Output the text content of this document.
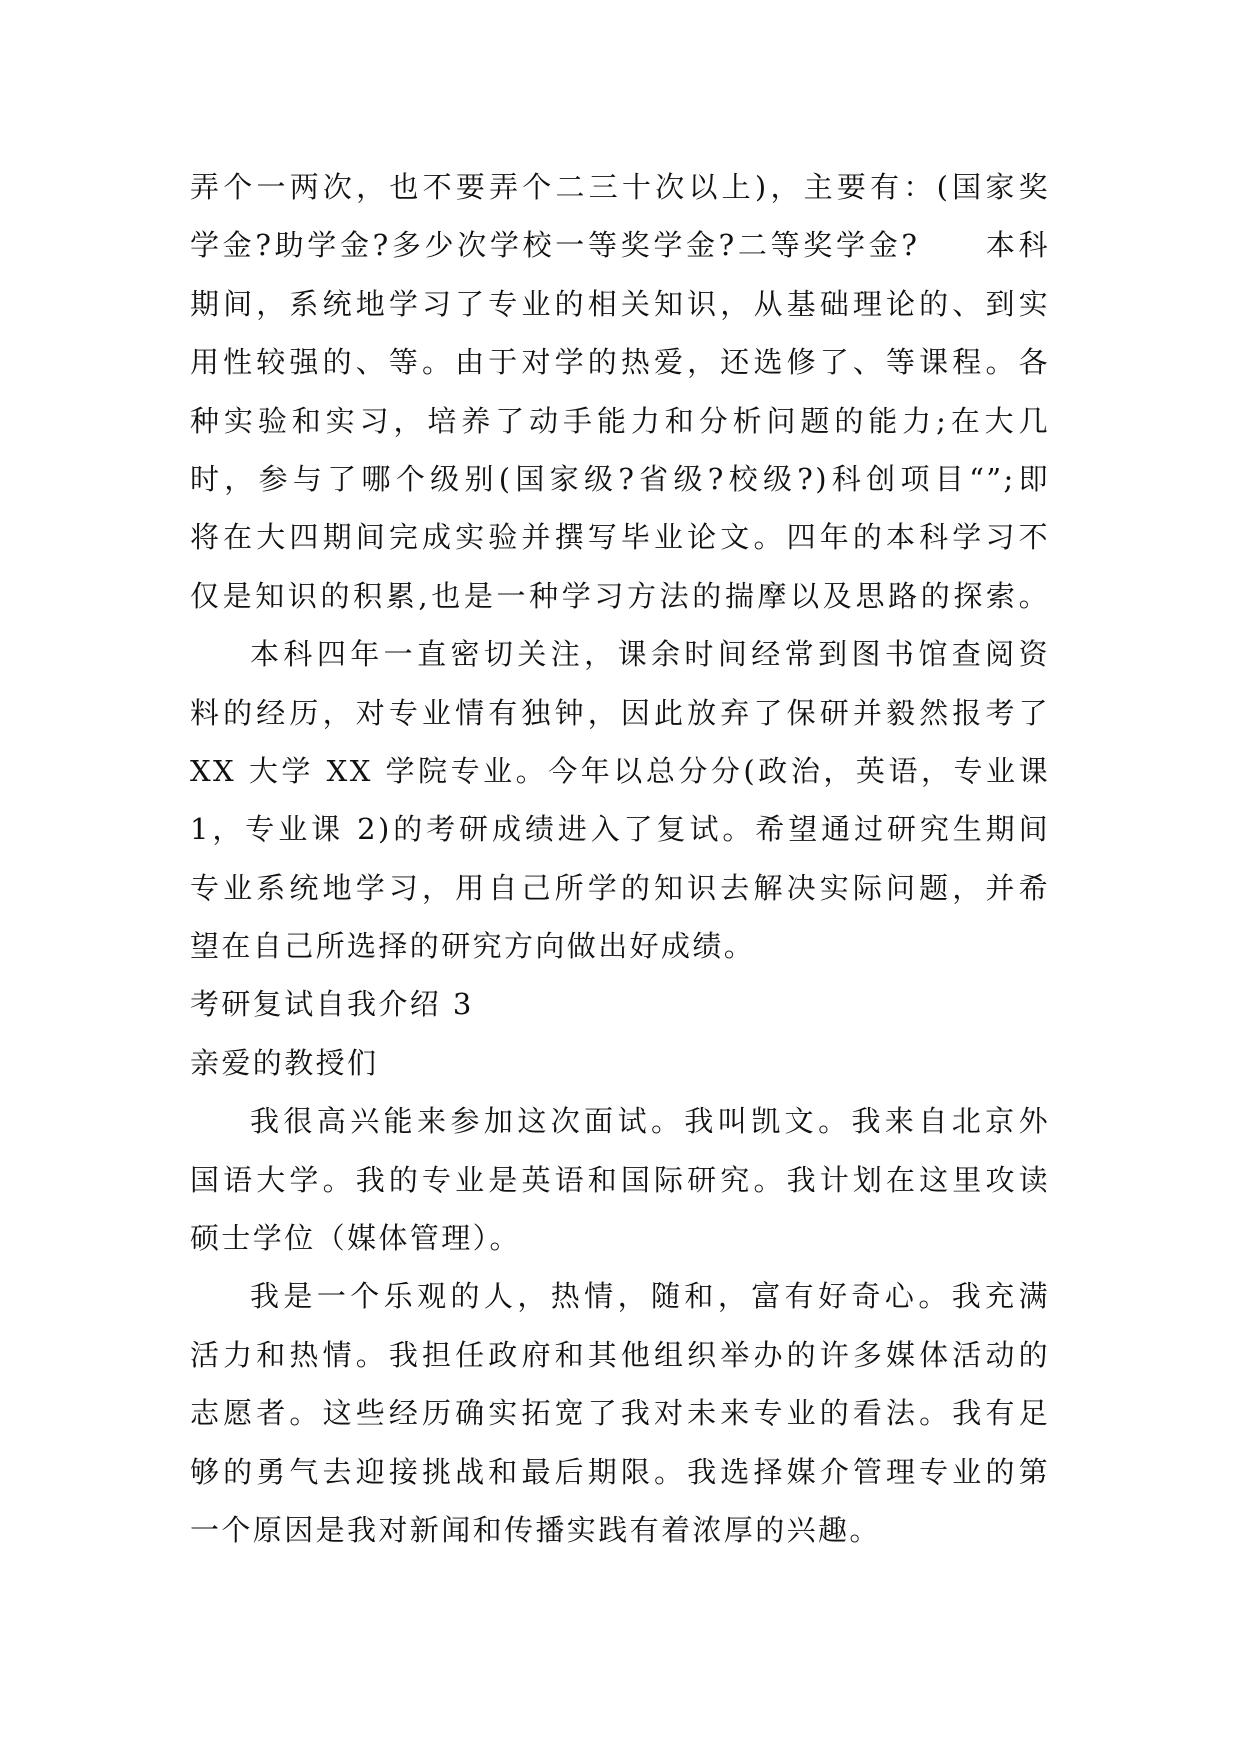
弄个一两次，也不要弄个二三十次以上)，主要有：(国家奖
学金?助学金?多少次学校一等奖学金?二等奖学金?　　本科
期间，系统地学习了专业的相关知识，从基础理论的、到实
用性较强的、等。由于对学的热爱，还选修了、等课程。各
种实验和实习，培养了动手能力和分析问题的能力;在大几
时，参与了哪个级别(国家级?省级?校级?)科创项目“”;即
将在大四期间完成实验并撰写毕业论文。四年的本科学习不
仅是知识的积累,也是一种学习方法的揣摩以及思路的探索。
本科四年一直密切关注，课余时间经常到图书馆查阅资
料的经历，对专业情有独钟，因此放弃了保研并毅然报考了
XX 大学 XX 学院专业。今年以总分分(政治，英语，专业课
1，专业课 2)的考研成绩进入了复试。希望通过研究生期间
专业系统地学习，用自己所学的知识去解决实际问题，并希
望在自己所选择的研究方向做出好成绩。
考研复试自我介绍 3
亲爱的教授们
我很高兴能来参加这次面试。我叫凯文。我来自北京外
国语大学。我的专业是英语和国际研究。我计划在这里攻读
硕士学位（媒体管理）。
我是一个乐观的人，热情，随和，富有好奇心。我充满
活力和热情。我担任政府和其他组织举办的许多媒体活动的
志愿者。这些经历确实拓宽了我对未来专业的看法。我有足
够的勇气去迎接挑战和最后期限。我选择媒介管理专业的第
一个原因是我对新闻和传播实践有着浓厚的兴趣。
